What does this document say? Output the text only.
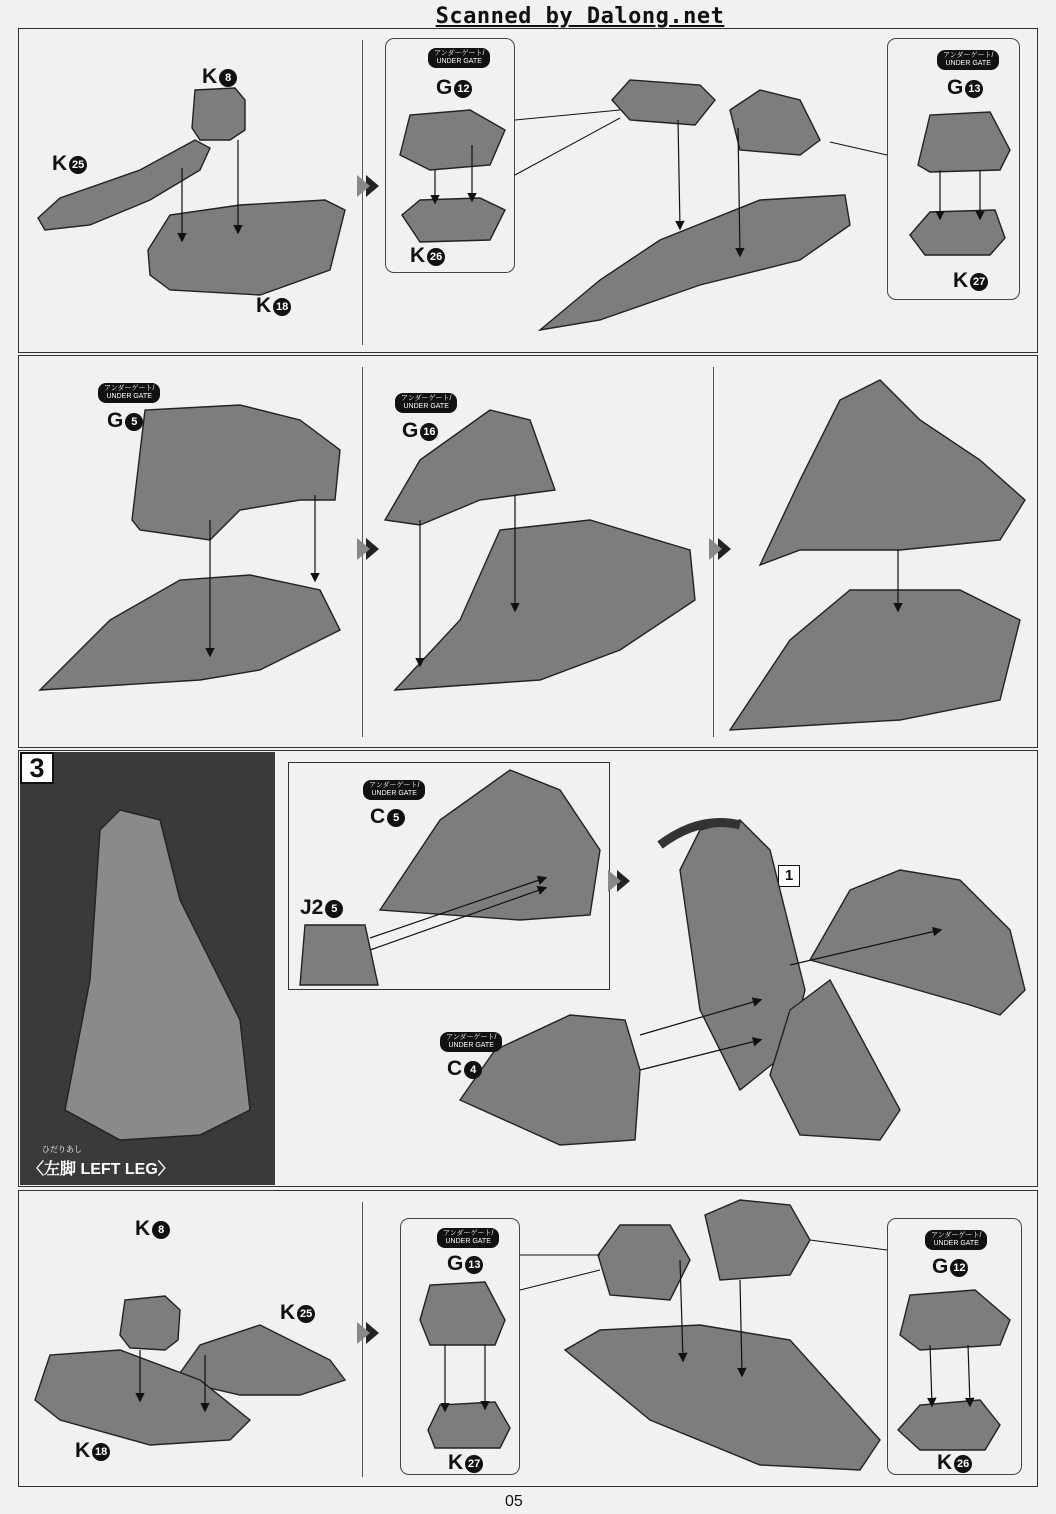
Scanned by Dalong.net
3
ひだりあし
〈左脚 LEFT LEG〉
1
K 8
K 25
K 18
アンダーゲート/
UNDER GATE
G 12
K 26
アンダーゲート/
UNDER GATE
G 13
K 27
アンダーゲート/
UNDER GATE
G 5
アンダーゲート/
UNDER GATE
G 16
アンダーゲート/
UNDER GATE
C 5
J2 5
アンダーゲート/
UNDER GATE
C 4
K 8
K 25
K 18
アンダーゲート/
UNDER GATE
G 13
K 27
アンダーゲート/
UNDER GATE
G 12
K 26
05
